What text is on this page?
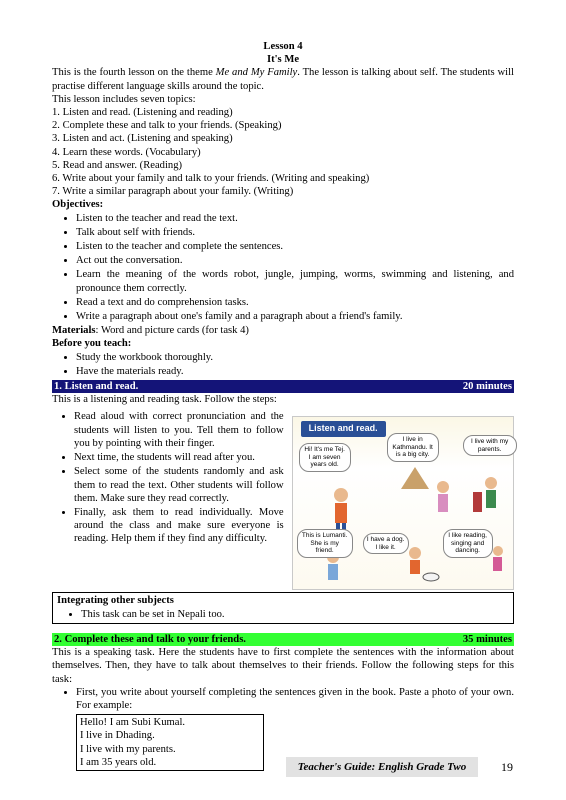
Lesson 4
It's Me

This is the fourth lesson on the theme Me and My Family. The lesson is talking about self. The students will practise different language skills around the topic.

This lesson includes seven topics:

1. Listen and read. (Listening and reading)

2. Complete these and talk to your friends. (Speaking)

3. Listen and act. (Listening and speaking)

4. Learn these words. (Vocabulary)

5. Read and answer. (Reading)

6. Write about your family and talk to your friends. (Writing and speaking)

7. Write a similar paragraph about your family. (Writing)

Objectives:

• Listen to the teacher and read the text.
• Talk about self with friends.
• Listen to the teacher and complete the sentences.
• Act out the conversation.
• Learn the meaning of the words robot, jungle, jumping, worms, swimming and listening, and pronounce them correctly.
• Read a text and do comprehension tasks.
• Write a paragraph about one's family and a paragraph about a friend's family.

Materials: Word and picture cards (for task 4)

Before you teach:

• Study the workbook thoroughly.
• Have the materials ready.
1. Listen and read.	20 minutes

This is a listening and reading task. Follow the steps:

• Read aloud with correct pronunciation and the students will listen to you. Tell them to follow you by pointing with their finger.
• Next time, the students will read after you.
• Select some of the students randomly and ask them to read the text. Other students will follow them. Make sure they read correctly.
• Finally, ask them to read individually. Move around the class and make sure everyone is reading. Help them if they find any difficulty.
Listen and read.
Hi! It's me Tej. I am seven years old.
I live in Kathmandu. It is a big city.
I live with my parents.
This is Lumanti. She is my friend.
I have a dog. I like it.
I like reading, singing and dancing.
Integrating other subjects
• This task can be set in Nepali too.
2. Complete these and talk to your friends.	35 minutes

This is a speaking task. Here the students have to first complete the sentences with the information about themselves. Then, they have to talk about themselves to their friends. Follow the following steps for this task:

• First, you write about yourself completing the sentences given in the book. Paste a photo of your own. For example:
Hello! I am Subi Kumal.
I live in Dhading.
I live with my parents.
I am 35 years old.	Teacher's Guide: English Grade Two	19
